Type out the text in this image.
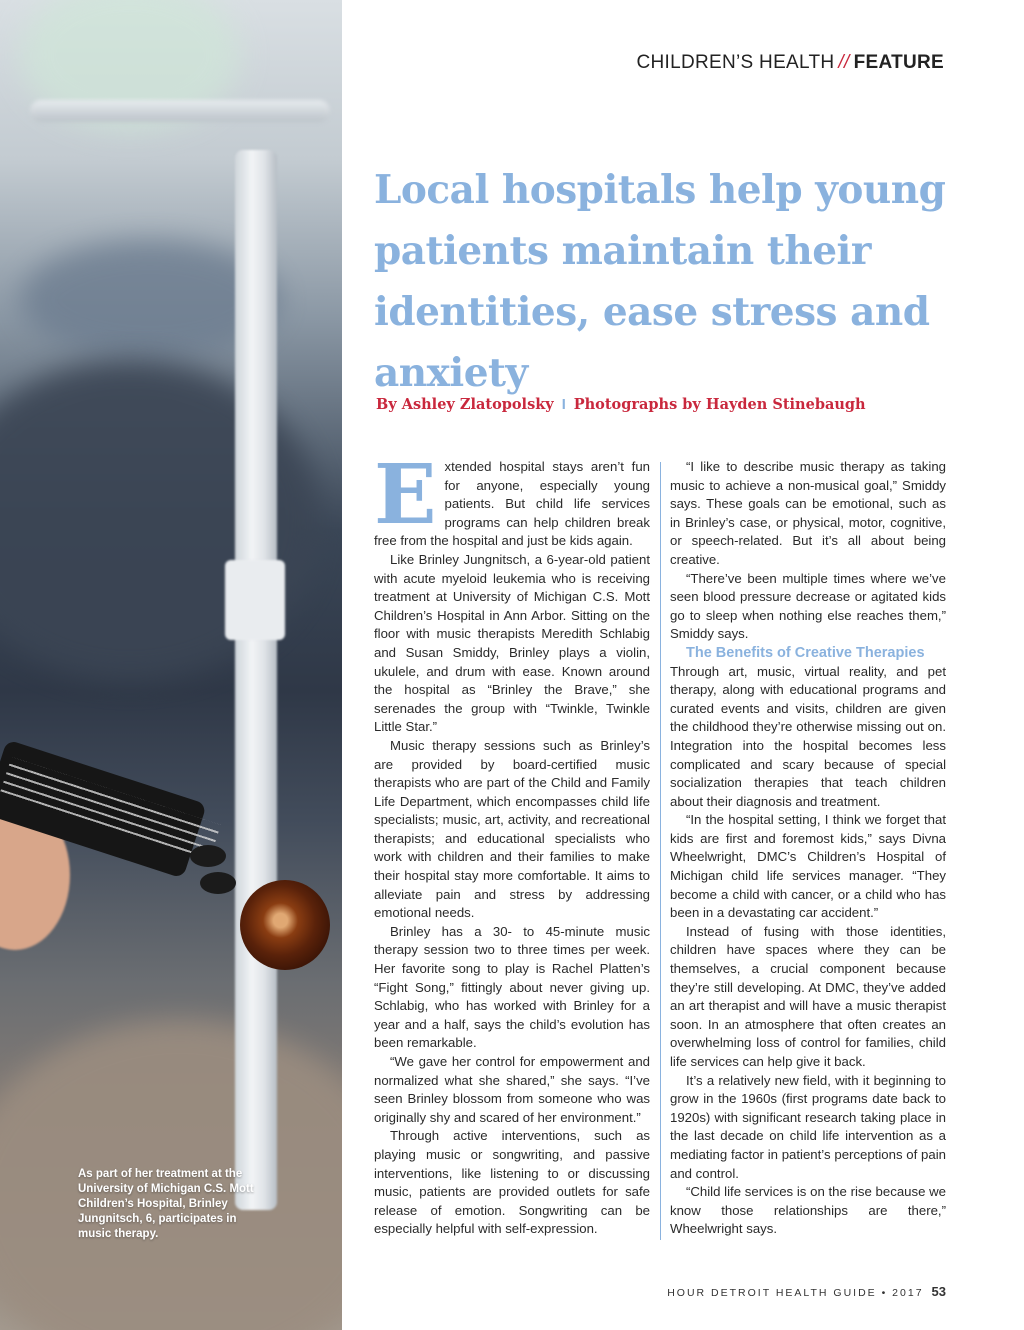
As part of her treatment at the University of Michigan C.S. Mott Children’s Hospital, Brinley Jungnitsch, 6, participates in music therapy.
CHILDREN’S HEALTH // FEATURE
Local hospitals help young patients maintain their identities, ease stress and anxiety
By Ashley Zlatopolsky I Photographs by Hayden Stinebaugh

Extended hospital stays aren’t fun for anyone, especially young patients. But child life services programs can help children break free from the hospital and just be kids again.

Like Brinley Jungnitsch, a 6-year-old patient with acute myeloid leukemia who is receiving treatment at University of Michigan C.S. Mott Children’s Hospital in Ann Arbor. Sitting on the floor with music therapists Meredith Schlabig and Susan Smiddy, Brinley plays a violin, ukulele, and drum with ease. Known around the hospital as “Brinley the Brave,” she serenades the group with “Twinkle, Twinkle Little Star.”

Music therapy sessions such as Brinley’s are provided by board-certified music therapists who are part of the Child and Family Life Department, which encompasses child life specialists; music, art, activity, and recreational therapists; and educational specialists who work with children and their families to make their hospital stay more comfortable. It aims to alleviate pain and stress by addressing emotional needs.

Brinley has a 30- to 45-minute music therapy session two to three times per week. Her favorite song to play is Rachel Platten’s “Fight Song,” fittingly about never giving up. Schlabig, who has worked with Brinley for a year and a half, says the child’s evolution has been remarkable.

“We gave her control for empowerment and normalized what she shared,” she says. “I’ve seen Brinley blossom from someone who was originally shy and scared of her environment.”

Through active interventions, such as playing music or songwriting, and passive interventions, like listening to or discussing music, patients are provided outlets for safe release of emotion. Songwriting can be especially helpful with self-expression.

“I like to describe music therapy as taking music to achieve a non-musical goal,” Smiddy says. These goals can be emotional, such as in Brinley’s case, or physical, motor, cognitive, or speech-related. But it’s all about being creative.

“There’ve been multiple times where we’ve seen blood pressure decrease or agitated kids go to sleep when nothing else reaches them,” Smiddy says.

The Benefits of Creative Therapies

Through art, music, virtual reality, and pet therapy, along with educational programs and curated events and visits, children are given the childhood they’re otherwise missing out on. Integration into the hospital becomes less complicated and scary because of special socialization therapies that teach children about their diagnosis and treatment.

“In the hospital setting, I think we forget that kids are first and foremost kids,” says Divna Wheelwright, DMC’s Children’s Hospital of Michigan child life services manager. “They become a child with cancer, or a child who has been in a devastating car accident.”

Instead of fusing with those identities, children have spaces where they can be themselves, a crucial component because they’re still developing. At DMC, they’ve added an art therapist and will have a music therapist soon. In an atmosphere that often creates an overwhelming loss of control for families, child life services can help give it back.

It’s a relatively new field, with it beginning to grow in the 1960s (first programs date back to 1920s) with significant research taking place in the last decade on child life intervention as a mediating factor in patient’s perceptions of pain and control.

“Child life services is on the rise because we know those relationships are there,” Wheelwright says.

HOUR DETROIT HEALTH GUIDE • 2017 53
